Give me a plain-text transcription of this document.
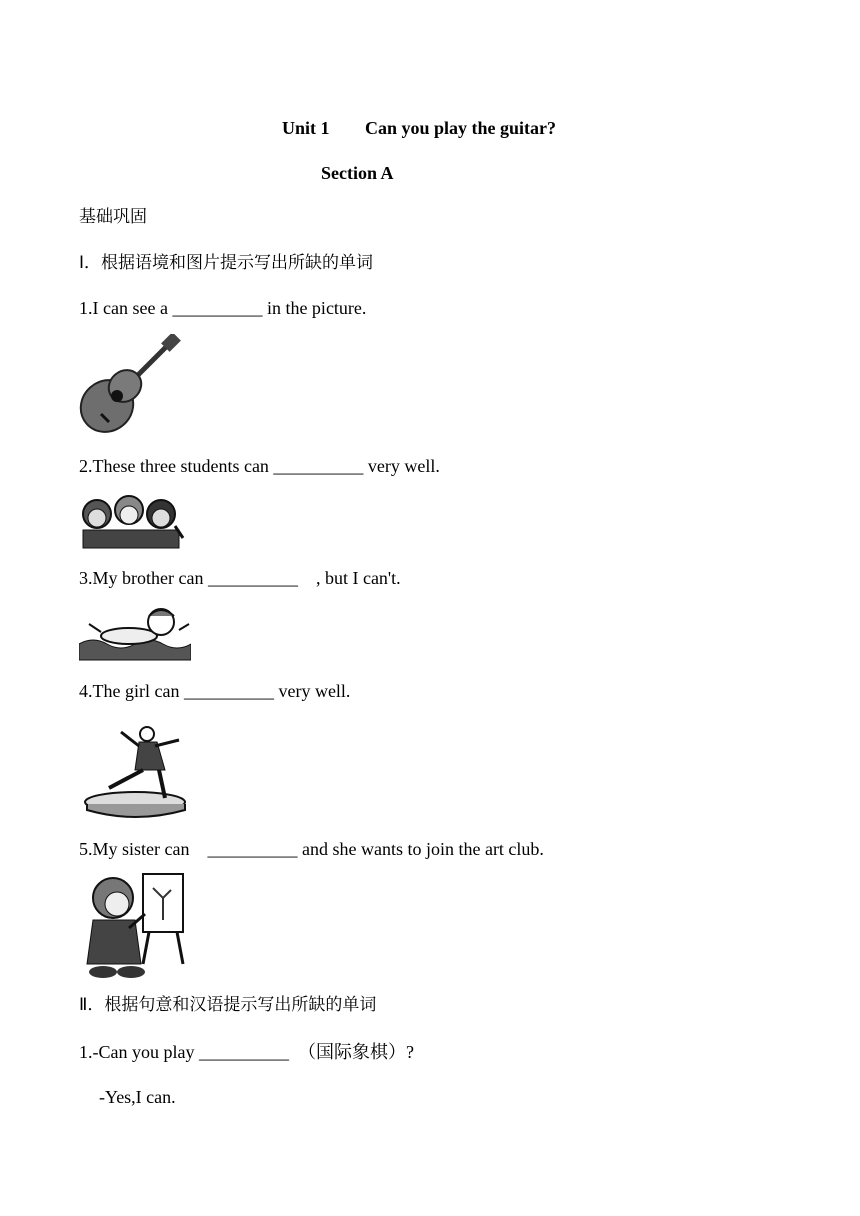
Unit 1 Can you play the guitar?
Section A
基础巩固
I．根据语境和图片提示写出所缺的单词
1.I can see a __________ in the picture.
2.These three students can __________ very well.
3.My brother can __________    , but I can't.
4.The girl can __________ very well.
5.My sister can    __________ and she wants to join the art club.
Ⅱ．根据句意和汉语提示写出所缺的单词
1.-Can you play __________  （国际象棋）?
-Yes,I can.
